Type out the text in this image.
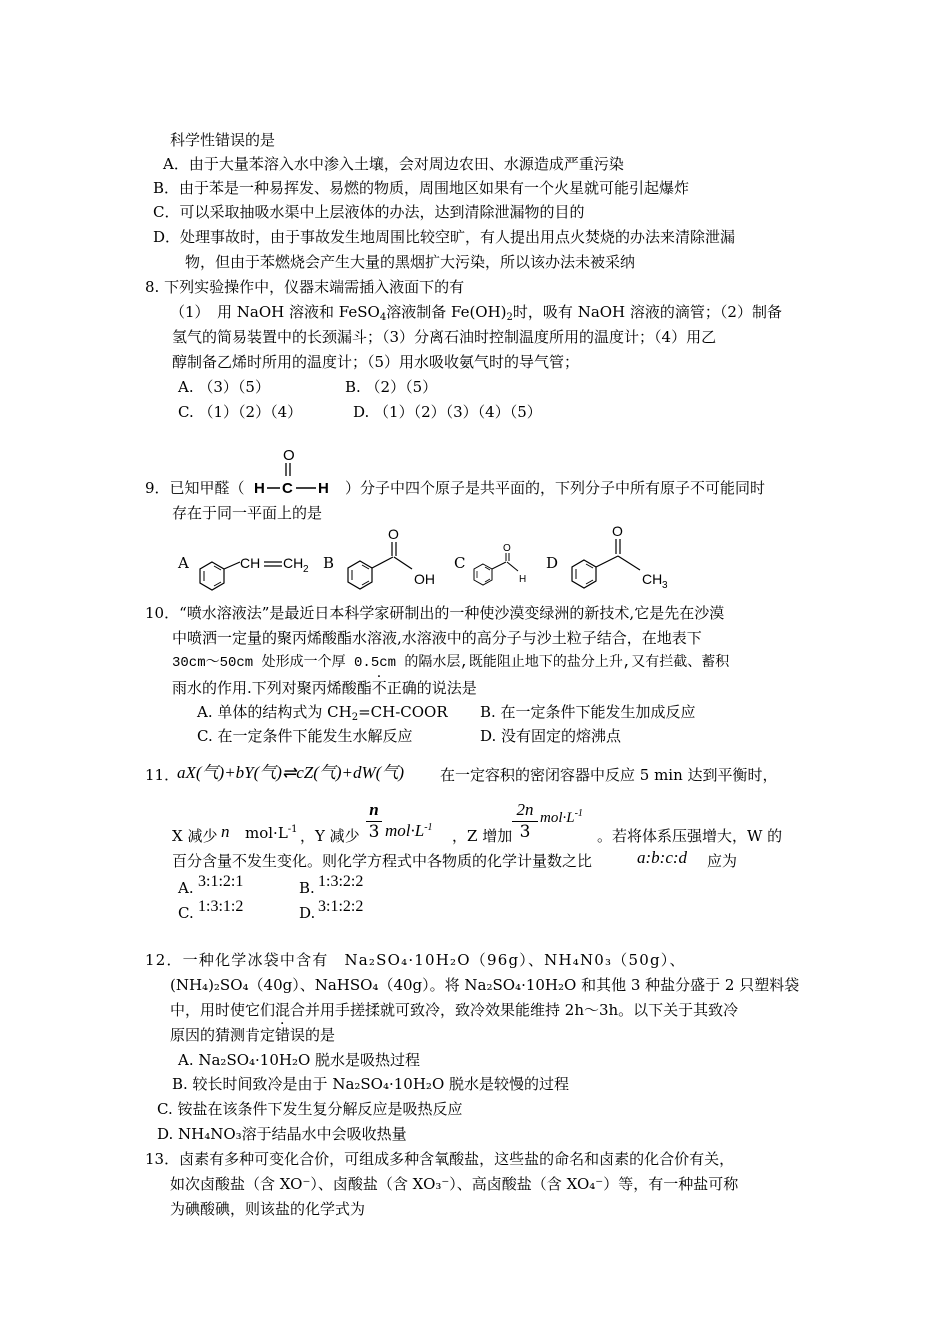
科学性错误的是
A．由于大量苯溶入水中渗入土壤，会对周边农田、水源造成严重污染
B．由于苯是一种易挥发、易燃的物质，周围地区如果有一个火星就可能引起爆炸
C．可以采取抽吸水渠中上层液体的办法，达到清除泄漏物的目的
D．处理事故时，由于事故发生地周围比较空旷，有人提出用点火焚烧的办法来清除泄漏
物，但由于苯燃烧会产生大量的黑烟扩大污染，所以该办法未被采纳
8. 下列实验操作中，仪器末端需插入液面下的有
（1）　用 NaOH 溶液和 FeSO$_4$溶液制备 $Fe(OH)_2$时，吸有 NaOH 溶液的滴管；（2）制备
氢气的简易装置中的长颈漏斗；（3）分离石油时控制温度所用的温度计；（4）用乙
醇制备乙烯时所用的温度计；（5）用水吸收氨气时的导气管；
A. （3）（5）	B. （2）（5）
C. （1）（2）（4）	D. （1）（2）（3）（4）（5）
9．已知甲醛（
O
H C H ）分子中四个原子是共平面的，下列分子中所有原子不可能同时
存在于同一平面上的是
A	CH CH 2 B
O
OH
C
O
H
D
O
CH 3
10．“喷水溶液法”是最近日本科学家研制出的一种使沙漠变绿洲的新技术,它是先在沙漠
中喷洒一定量的聚丙烯酸酯水溶液,水溶液中的高分子与沙土粒子结合，在地表下
30cm～50cm 处形成一个厚 0.5cm 的隔水层,既能阻止地下的盐分上升,又有拦截、蓄积
雨水的作用.下列对聚丙烯酸酯不正确的说法是
A. 单体的结构式为 $CH_2=CH$-COOR B. 在一定条件下能发生加成反应
C. 在一定条件下能发生水解反应	D. 没有固定的熔沸点
11．
aX(气)+bY(气)⇌cZ(气)+dW(气) 在一定容积的密闭容器中反应 5 min 达到平衡时，
X 减少 n $mol\cdot L^{-1}$ ，Y 减少
n
3 $mol\cdot L^{-1}$ ，Z 增加
2n
3
$mol\cdot L^{-1}$
。若将体系压强增大，W 的
百分含量不发生变化。则化学方程式中各物质的化学计量数之比	a:b:c:d 应为
A. 3:1:2:1	B. 1:3:2:2
C. 1:3:1:2	D. 3:1:2:2
12．一种化学冰袋中含有 Na₂SO₄·10H₂O（96g）、NH₄N0₃（50g）、
(NH₄)₂SO₄（40g）、NaHSO₄（40g）。将 Na₂SO₄·10H₂O 和其他 3 种盐分盛于 2 只塑料袋
中，用时使它们混合并用手搓揉就可致冷，致冷效果能维持 2h～3h。以下关于其致冷
原因的猜测肯定错误的是
A. Na₂SO₄·10H₂O 脱水是吸热过程
B. 较长时间致冷是由于 Na₂SO₄·10H₂O 脱水是较慢的过程
C. 铵盐在该条件下发生复分解反应是吸热反应
D. NH₄NO₃溶于结晶水中会吸收热量
13．卤素有多种可变化合价，可组成多种含氧酸盐，这些盐的命名和卤素的化合价有关，
如次卤酸盐（含 XO⁻）、卤酸盐（含 XO₃⁻）、高卤酸盐（含 XO₄⁻）等，有一种盐可称
为碘酸碘，则该盐的化学式为
